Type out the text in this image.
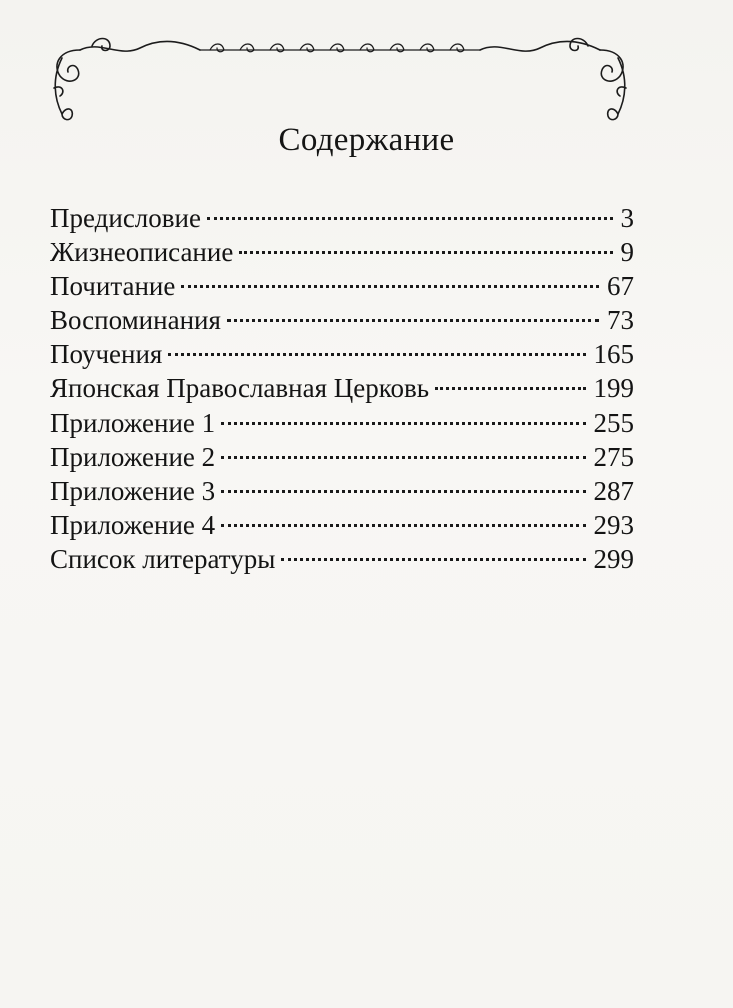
Содержание
Предисловие	3
Жизнеописание	9
Почитание	67
Воспоминания	73
Поучения	165
Японская Православная Церковь	199
Приложение 1	255
Приложение 2	275
Приложение 3	287
Приложение 4	293
Список литературы	299
